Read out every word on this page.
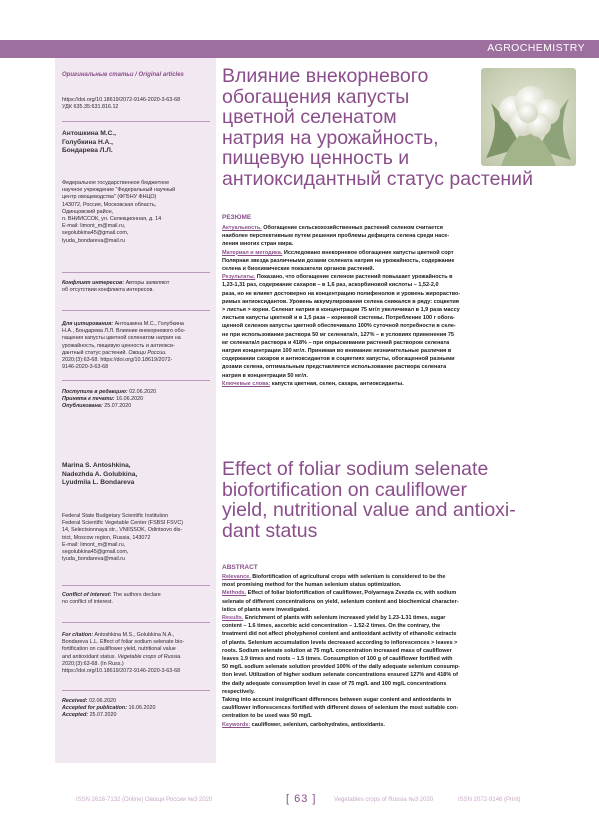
AGROCHEMISTRY
Оригинальные статьи / Original articles
https://doi.org/10.18619/2072-9146-2020-3-63-68
УДК 635.35:631.816.12
Антошкина М.С.,
Голубкина Н.А.,
Бондарева Л.Л.
Федеральное государственное бюджетное
научное учреждение "Федеральный научный
центр овощеводства" (ФГБНУ ФНЦО)
143072, Россия, Московская область,
Одинцовский район,
п. ВНИИССОК, ул. Селекционная, д. 14
E-mail: limont_m@mail.ru,
segolubkina45@gmail.com,
lyuda_bondareva@mail.ru
Конфликт интересов: Авторы заявляют
об отсутствии конфликта интересов.
Для цитирования: Антошкина М.С., Голубкина
Н.А., Бондарева Л.Л. Влияние внекорневого обо-
гащения капусты цветной селенатом натрия на
урожайность, пищевую ценность и антиокси-
дантный статус растений. Овощи России.
2020;(3):63-68. https://doi.org/10.18619/2072-
9146-2020-3-63-68
Поступила в редакцию: 02.06.2020
Принята к печати: 16.06.2020
Опубликована: 25.07.2020
Marina S. Antoshkina,
Nadezhda A. Golubkina,
Lyudmila L. Bondareva
Federal State Budgetary Scientific Institution
Federal Scientific Vegetable Center (FSBSI FSVC)
14, Selectsionnaya str., VNIISSOK, Odintsovo dis-
trict, Moscow region, Russia, 143072
E-mail: limont_m@mail.ru,
segolubkina45@gmail.com,
lyuda_bondareva@mail.ru
Conflict of interest: The authors declare
no conflict of interest.
For citation: Antoshkina M.S., Golubkina N.A.,
Bondareva L.L. Effect of foliar sodium selenate bio-
fortification on cauliflower yield, nutritional value
and antioxidant status. Vegetable crops of Russia.
2020;(3):63-68. (In Russ.)
https://doi.org/10.18619/2072-9146-2020-3-63-68
Received: 02.06.2020
Accepted for publication: 16.06.2020
Accepted: 25.07.2020
Влияние внекорневого
обогащения капусты
цветной селенатом
натрия на урожайность,
пищевую ценность и
антиоксидантный статус растений
РЕЗЮМЕ
Актуальность. Обогащение сельскохозяйственных растений селеном считается
наиболее перспективным путем решения проблемы дефицита селена среди насе-
ления многих стран мира.
Материал и методика. Исследовано внекорневое обогащение капусты цветной сорт
Полярная звезда различными дозами селената натрия на урожайность, содержание
селена и биохимические показатели органов растений.
Результаты. Показано, что обогащение селеном растений повышает урожайность в
1,23-1,31 раз, содержание сахаров – в 1,6 раз, аскорбиновой кислоты – 1,52-2,0
раза, но не влияет достоверно на концентрацию полифенолов и уровень жирораство-
римых антиоксидантов. Уровень аккумулирования селена снижался в ряду: соцветия
> листья > корни. Селенат натрия в концентрации 75 мг/л увеличивал в 1,9 раза массу
листьев капусты цветной и в 1,5 раза – корневой системы. Потребление 100 г обога-
щенной селеном капусты цветной обеспечивало 100% суточной потребности в селе-
не при использовании раствора 50 мг селената/л, 127% – в условиях применения 75
мг селената/л раствора и 418% – при опрыскивании растений раствором селената
натрия концентрации 100 мг/л. Принимая во внимание незначительные различия в
содержании сахаров и антиоксидантов в соцветиях капусты, обогащенной разными
дозами селена, оптимальным представляется использование раствора селената
натрия в концентрации 50 мг/л.
Ключевые слова: капуста цветная, селен, сахара, антиоксиданты.
Effect of foliar sodium selenate
biofortification on cauliflower
yield, nutritional value and antioxi-
dant status
ABSTRACT
Relevance. Biofortification of agricultural crops with selenium is considered to be the
most promising method for the human selenium status optimization.
Methods. Effect of foliar biofortification of cauliflower, Polyarnaya Zvezda cv, with sodium
selenate of different concentrations on yield, selenium content and biochemical character-
istics of plants were investigated.
Results. Enrichment of plants with selenium increased yield by 1.23-1.31 times, sugar
content – 1.6 times, ascorbic acid concentration – 1.52-2 times. On the contrary, the
treatment did not affect pholyphenol content and antioxidant activity of ethanolic extracts
of plants. Selenium accumulation levels decreased according to inflorescences > leaves >
roots. Sodium selenate solution at 75 mg/L concentration increased mass of cauliflower
leaves 1.9 times and roots – 1.5 times. Consumption of 100 g of cauliflower fortified with
50 mg/L sodium selenate solution provided 100% of the daily adequate selenium consump-
tion level. Utilization of higher sodium selenate concentrations ensured 127% and 418% of
the daily adequate consumption level in case of 75 mg/L and 100 mg/L concentrations
respectively.
Taking into account insignificant differences between sugar content and antioxidants in
cauliflower inflorescences fortified with different doses of selenium the most suitable con-
centration to be used was 50 mg/L
Keywords: cauliflower, selenium, carbohydrates, antioxidants.
ISSN 2618-7132 (Online) Овощи России №3 2020	[ 63 ]	Vegetables crops of Russia №3 2020	ISSN 2072-9146 (Print)
